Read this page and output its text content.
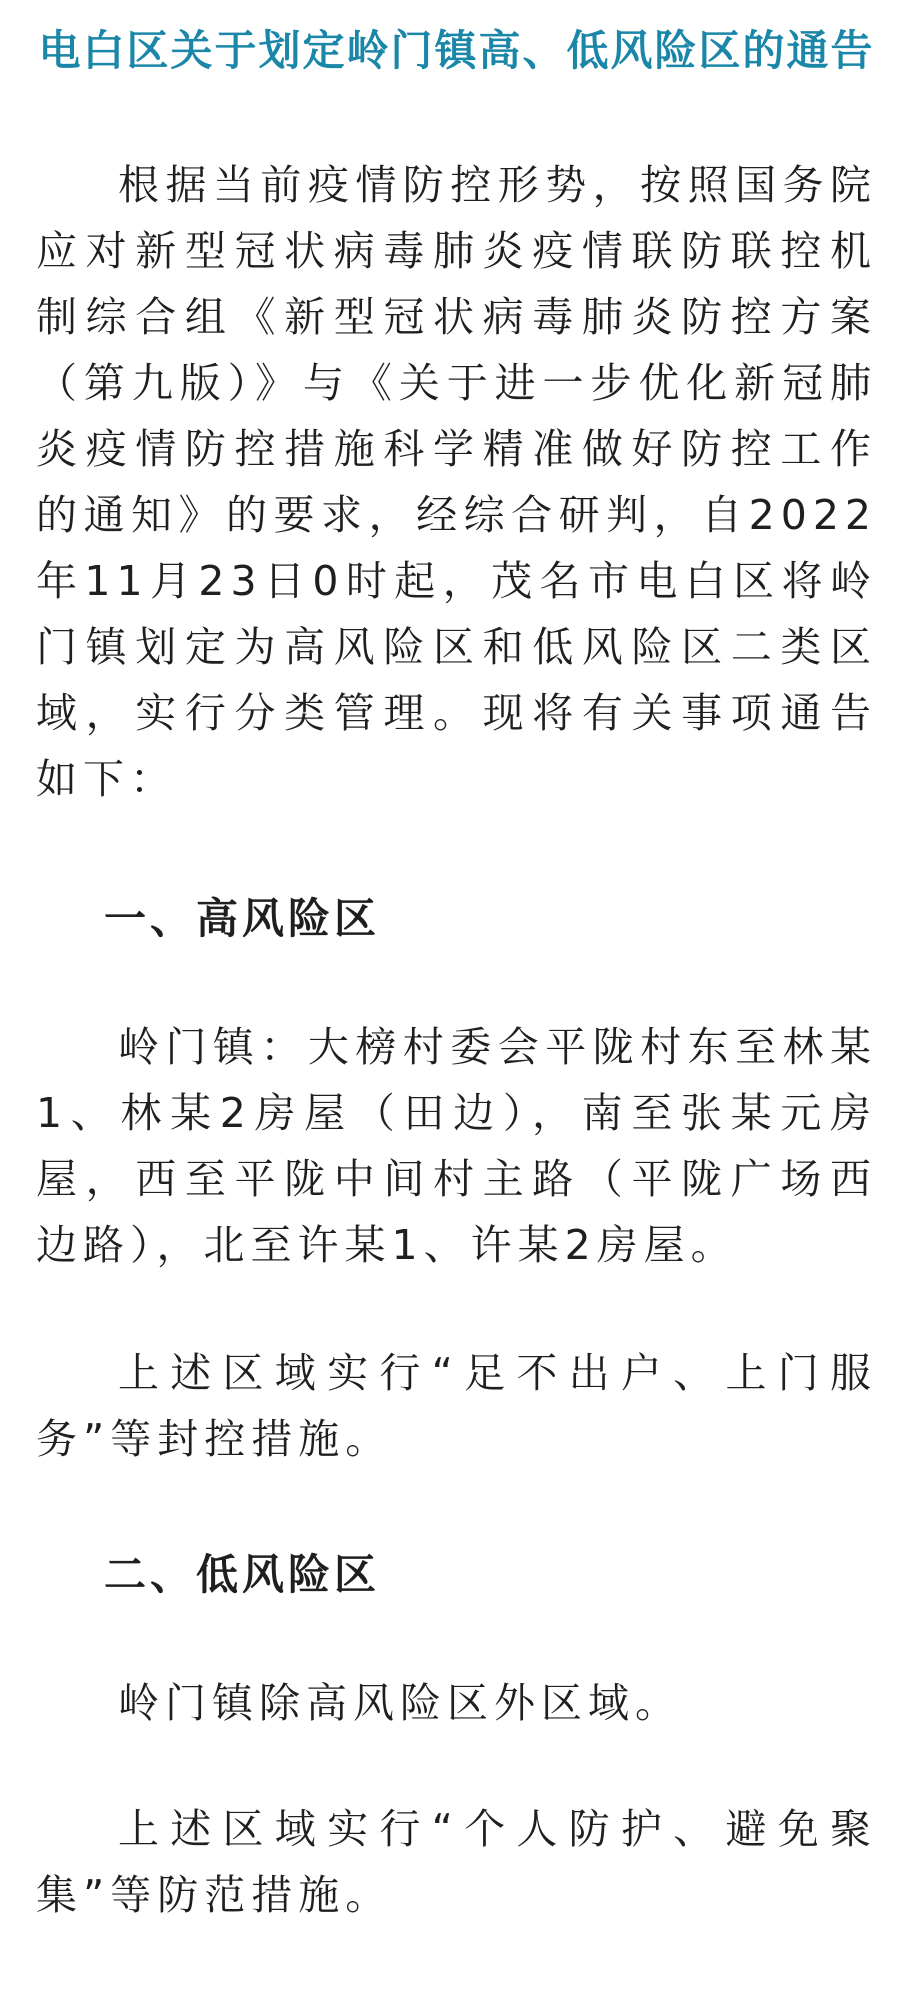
电白区关于划定岭门镇高、低风险区的通告

根据当前疫情防控形势，按照国务院应对新型冠状病毒肺炎疫情联防联控机制综合组《新型冠状病毒肺炎防控方案（第九版）》与《关于进一步优化新冠肺炎疫情防控措施科学精准做好防控工作的通知》的要求，经综合研判，自2022年11月23日0时起，茂名市电白区将岭门镇划定为高风险区和低风险区二类区域，实行分类管理。现将有关事项通告如下：

一、高风险区

岭门镇：大榜村委会平陇村东至林某1、林某2房屋（田边），南至张某元房屋，西至平陇中间村主路（平陇广场西边路），北至许某1、许某2房屋。

上述区域实行“足不出户、上门服务”等封控措施。

二、低风险区

岭门镇除高风险区外区域。

上述区域实行“个人防护、避免聚集”等防范措施。
